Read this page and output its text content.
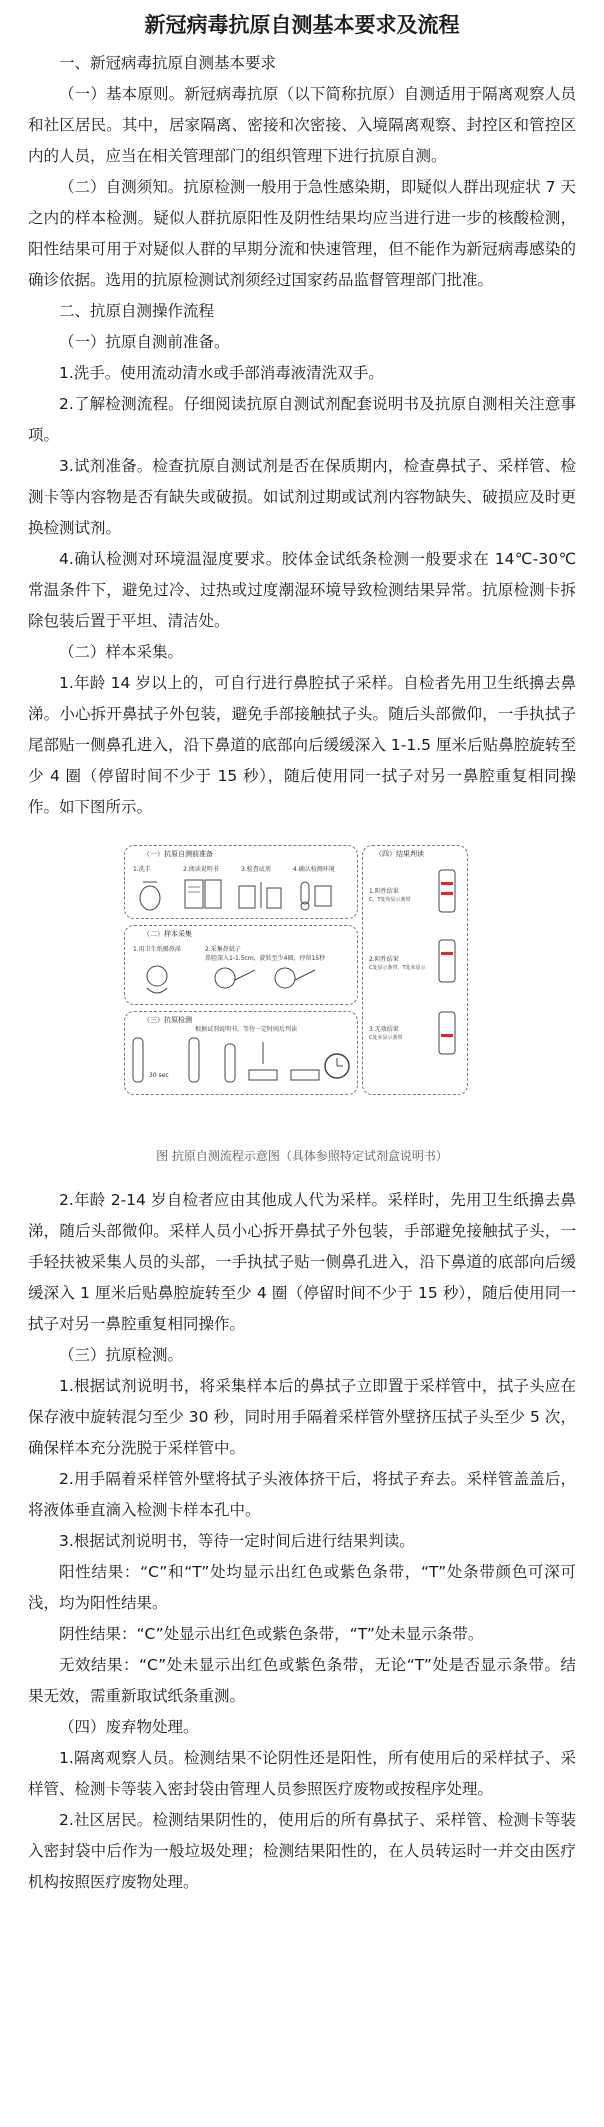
新冠病毒抗原自测基本要求及流程

一、新冠病毒抗原自测基本要求

（一）基本原则。新冠病毒抗原（以下简称抗原）自测适用于隔离观察人员和社区居民。其中，居家隔离、密接和次密接、入境隔离观察、封控区和管控区内的人员，应当在相关管理部门的组织管理下进行抗原自测。

（二）自测须知。抗原检测一般用于急性感染期，即疑似人群出现症状 7 天之内的样本检测。疑似人群抗原阳性及阴性结果均应当进行进一步的核酸检测，阳性结果可用于对疑似人群的早期分流和快速管理，但不能作为新冠病毒感染的确诊依据。选用的抗原检测试剂须经过国家药品监督管理部门批准。

二、抗原自测操作流程

（一）抗原自测前准备。

1.洗手。使用流动清水或手部消毒液清洗双手。

2.了解检测流程。仔细阅读抗原自测试剂配套说明书及抗原自测相关注意事项。

3.试剂准备。检查抗原自测试剂是否在保质期内，检查鼻拭子、采样管、检测卡等内容物是否有缺失或破损。如试剂过期或试剂内容物缺失、破损应及时更换检测试剂。

4.确认检测对环境温湿度要求。胶体金试纸条检测一般要求在 14℃-30℃常温条件下，避免过冷、过热或过度潮湿环境导致检测结果异常。抗原检测卡拆除包装后置于平坦、清洁处。

（二）样本采集。

1.年龄 14 岁以上的，可自行进行鼻腔拭子采样。自检者先用卫生纸擤去鼻涕。小心拆开鼻拭子外包装，避免手部接触拭子头。随后头部微仰，一手执拭子尾部贴一侧鼻孔进入，沿下鼻道的底部向后缓缓深入 1-1.5 厘米后贴鼻腔旋转至少 4 圈（停留时间不少于 15 秒），随后使用同一拭子对另一鼻腔重复相同操作。如下图所示。

（一）抗原自测前准备
1.洗手	2.阅读说明书	3.检查试剂	4.确认检测环境
（二）样本采集
1.用卫生纸擤鼻涕	2.采集鼻拭子
鼻腔深入1-1.5cm，旋转至少4圈，停留15秒
（三）抗原检测
根据试剂说明书，等待一定时间后判读
30 sec
（四）结果判读
1.阳性结果
C、T处均显示条带
2.阴性结果
C处显示条带，T处未显示
3.无效结果
C处未显示条带
图 抗原自测流程示意图（具体参照特定试剂盒说明书）

2.年龄 2-14 岁自检者应由其他成人代为采样。采样时，先用卫生纸擤去鼻涕，随后头部微仰。采样人员小心拆开鼻拭子外包装，手部避免接触拭子头，一手轻扶被采集人员的头部，一手执拭子贴一侧鼻孔进入，沿下鼻道的底部向后缓缓深入 1 厘米后贴鼻腔旋转至少 4 圈（停留时间不少于 15 秒），随后使用同一拭子对另一鼻腔重复相同操作。

（三）抗原检测。

1.根据试剂说明书，将采集样本后的鼻拭子立即置于采样管中，拭子头应在保存液中旋转混匀至少 30 秒，同时用手隔着采样管外壁挤压拭子头至少 5 次，确保样本充分洗脱于采样管中。

2.用手隔着采样管外壁将拭子头液体挤干后，将拭子弃去。采样管盖盖后，将液体垂直滴入检测卡样本孔中。

3.根据试剂说明书，等待一定时间后进行结果判读。

阳性结果：“C”和“T”处均显示出红色或紫色条带，“T”处条带颜色可深可浅，均为阳性结果。

阴性结果：“C”处显示出红色或紫色条带，“T”处未显示条带。

无效结果：“C”处未显示出红色或紫色条带，无论“T”处是否显示条带。结果无效，需重新取试纸条重测。

（四）废弃物处理。

1.隔离观察人员。检测结果不论阴性还是阳性，所有使用后的采样拭子、采样管、检测卡等装入密封袋由管理人员参照医疗废物或按程序处理。

2.社区居民。检测结果阴性的，使用后的所有鼻拭子、采样管、检测卡等装入密封袋中后作为一般垃圾处理；检测结果阳性的，在人员转运时一并交由医疗机构按照医疗废物处理。
